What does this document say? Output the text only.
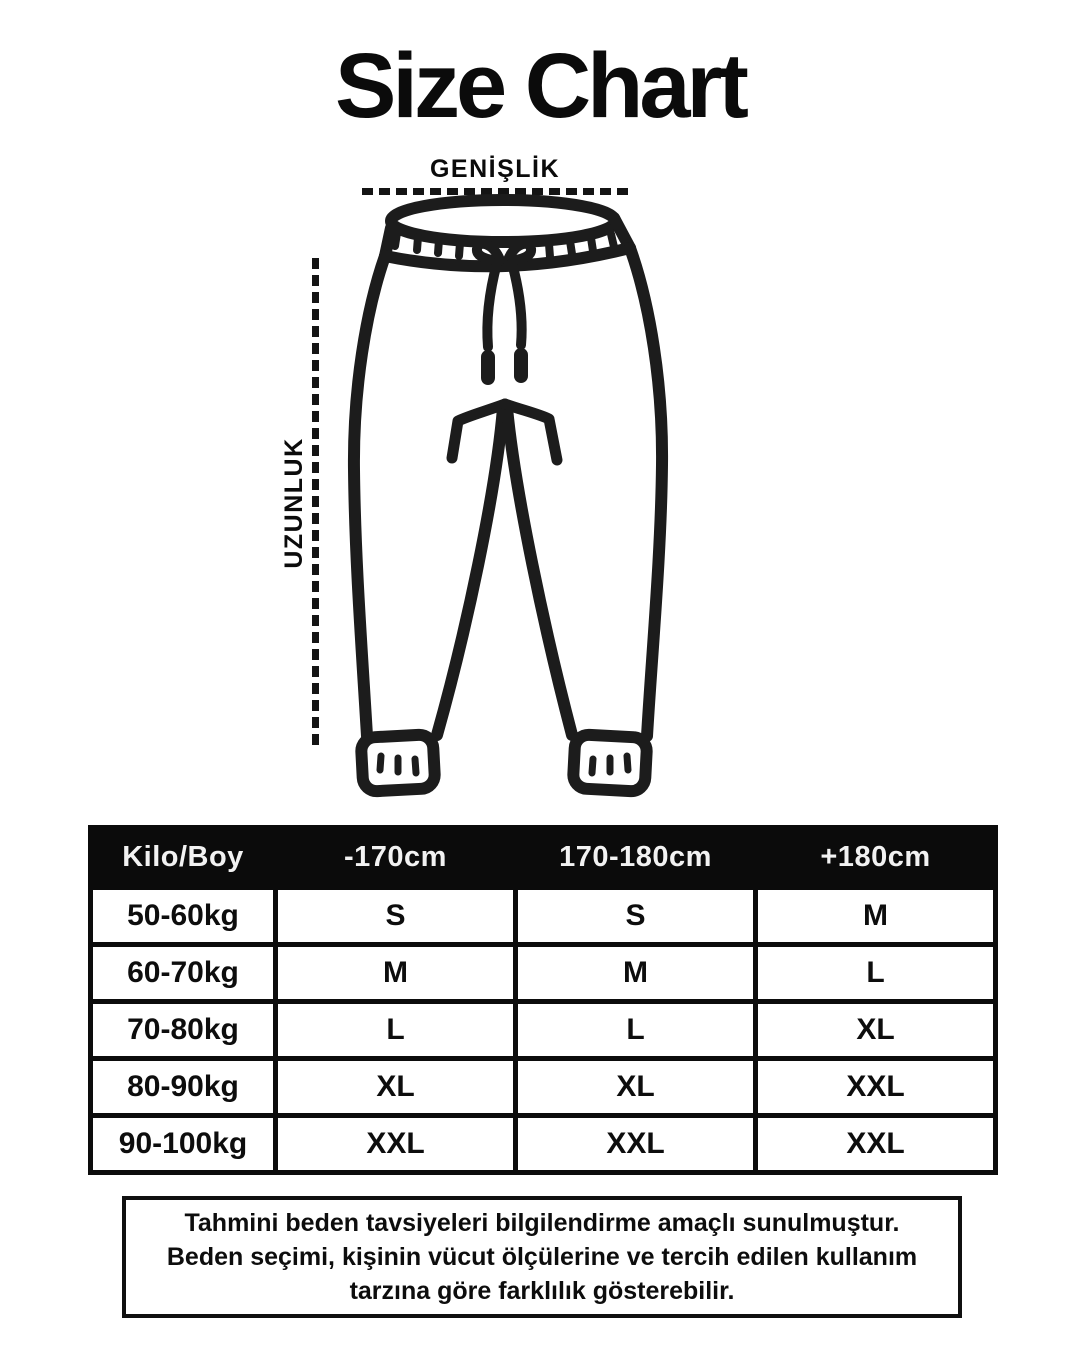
Size Chart
GENİŞLİK
UZUNLUK
Kilo/Boy	-170cm	170-180cm	+180cm
50-60kg	S	S	M
60-70kg	M	M	L
70-80kg	L	L	XL
80-90kg	XL	XL	XXL
90-100kg	XXL	XXL	XXL
Tahmini beden tavsiyeleri bilgilendirme amaçlı sunulmuştur.
Beden seçimi, kişinin vücut ölçülerine ve tercih edilen kullanım
tarzına göre farklılık gösterebilir.
